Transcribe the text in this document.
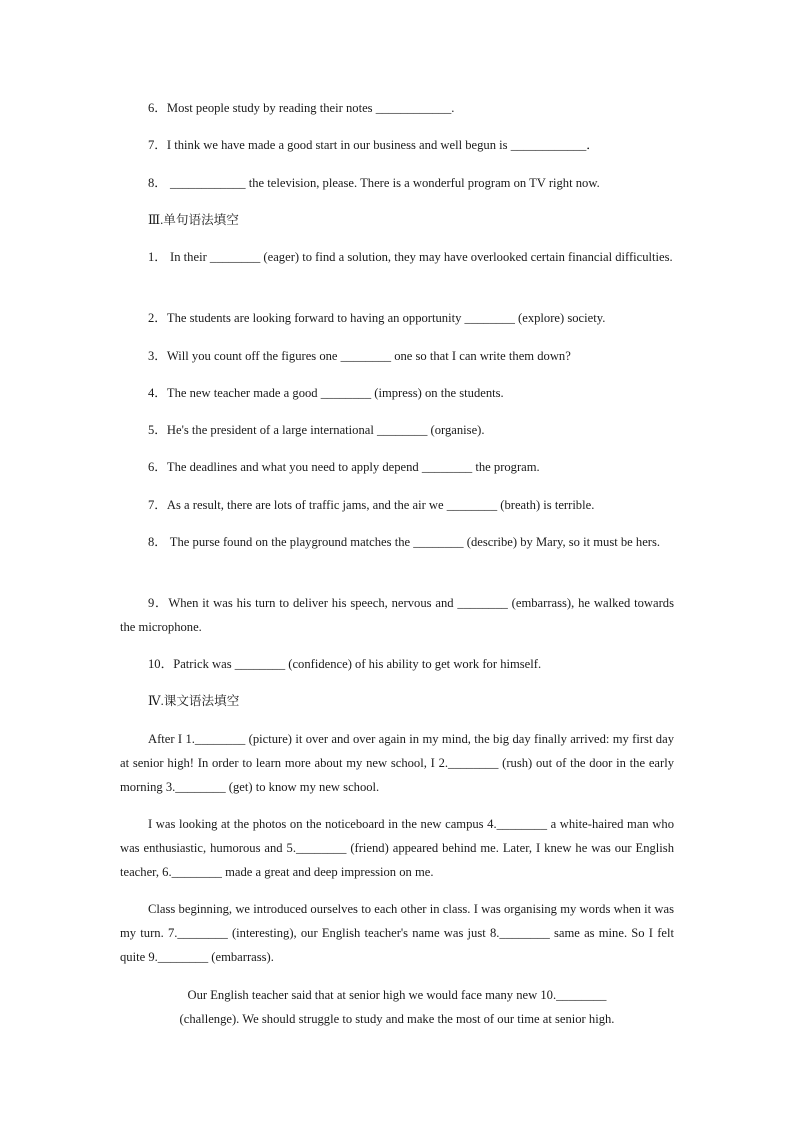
6．Most people study by reading their notes ____________.

7．I think we have made a good start in our business and well begun is ____________．

8． ____________ the television, please. There is a wonderful program on TV right now.

Ⅲ.单句语法填空

1． In their ________ (eager) to find a solution, they may have overlooked certain financial difficulties.

2．The students are looking forward to having an opportunity ________ (explore) society.

3．Will you count off the figures one ________ one so that I can write them down?

4．The new teacher made a good ________ (impress) on the students.

5．He's the president of a large international ________ (organise).

6．The deadlines and what you need to apply depend ________ the program.

7．As a result, there are lots of traffic jams, and the air we ________ (breath) is terrible.

8． The purse found on the playground matches the ________ (describe) by Mary, so it must be hers.

9．When it was his turn to deliver his speech, nervous and ________ (embarrass), he walked towards the microphone.

10．Patrick was ________ (confidence) of his ability to get work for himself.

Ⅳ.课文语法填空

After I 1.________ (picture) it over and over again in my mind, the big day finally arrived: my first day at senior high! In order to learn more about my new school, I 2.________ (rush) out of the door in the early morning 3.________ (get) to know my new school.

I was looking at the photos on the noticeboard in the new campus 4.________ a white-haired man who was enthusiastic, humorous and 5.________ (friend) appeared behind me. Later, I knew he was our English teacher, 6.________ made a great and deep impression on me.

Class beginning, we introduced ourselves to each other in class. I was organising my words when it was my turn. 7.________ (interesting), our English teacher's name was just 8.________ same as mine. So I felt quite 9.________ (embarrass).

Our English teacher said that at senior high we would face many new 10.________

(challenge). We should struggle to study and make the most of our time at senior high.
